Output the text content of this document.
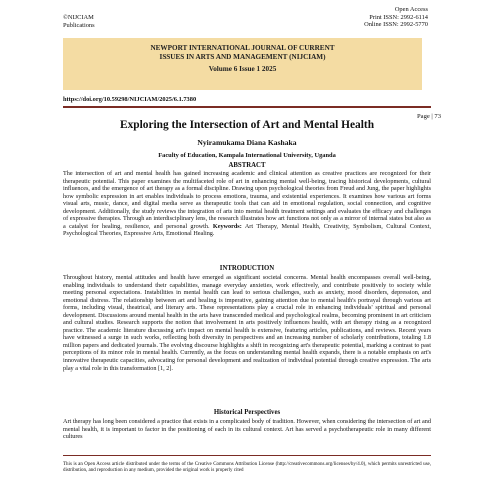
©NIJCIAM
Publications
Open Access
Print ISSN: 2992-6114
Online ISSN: 2992-5770
NEWPORT INTERNATIONAL JOURNAL OF CURRENT
ISSUES IN ARTS AND MANAGEMENT (NIJCIAM)
Volume 6 Issue 1 2025
https://doi.org/10.59298/NIJCIAM/2025/6.1.7380
Page | 73
Exploring the Intersection of Art and Mental Health
Nyiramukama Diana Kashaka
Faculty of Education, Kampala International University, Uganda
ABSTRACT

The intersection of art and mental health has gained increasing academic and clinical attention as creative practices are recognized for their therapeutic potential. This paper examines the multifaceted role of art in enhancing mental well-being, tracing historical developments, cultural influences, and the emergence of art therapy as a formal discipline. Drawing upon psychological theories from Freud and Jung, the paper highlights how symbolic expression in art enables individuals to process emotions, trauma, and existential experiences. It examines how various art forms visual arts, music, dance, and digital media serve as therapeutic tools that can aid in emotional regulation, social connection, and cognitive development. Additionally, the study reviews the integration of arts into mental health treatment settings and evaluates the efficacy and challenges of expressive therapies. Through an interdisciplinary lens, the research illustrates how art functions not only as a mirror of internal states but also as a catalyst for healing, resilience, and personal growth. Keywords: Art Therapy, Mental Health, Creativity, Symbolism, Cultural Context, Psychological Theories, Expressive Arts, Emotional Healing.

INTRODUCTION

Throughout history, mental attitudes and health have emerged as significant societal concerns. Mental health encompasses overall well-being, enabling individuals to understand their capabilities, manage everyday anxieties, work effectively, and contribute positively to society while meeting personal expectations. Instabilities in mental health can lead to serious challenges, such as anxiety, mood disorders, depression, and emotional distress. The relationship between art and healing is imperative, gaining attention due to mental health's portrayal through various art forms, including visual, theatrical, and literary arts. These representations play a crucial role in enhancing individuals' spiritual and personal development. Discussions around mental health in the arts have transcended medical and psychological realms, becoming prominent in art criticism and cultural studies. Research supports the notion that involvement in arts positively influences health, with art therapy rising as a recognized practice. The academic literature discussing art's impact on mental health is extensive, featuring articles, publications, and reviews. Recent years have witnessed a surge in such works, reflecting both diversity in perspectives and an increasing number of scholarly contributions, totaling 1.8 million papers and dedicated journals. The evolving discourse highlights a shift in recognizing art's therapeutic potential, marking a contrast to past perceptions of its minor role in mental health. Currently, as the focus on understanding mental health expands, there is a notable emphasis on art's innovative therapeutic capacities, advocating for personal development and realization of individual potential through creative expression. The arts play a vital role in this transformation [1, 2].

Historical Perspectives

Art therapy has long been considered a practice that exists in a complicated body of tradition. However, when considering the intersection of art and mental health, it is important to factor in the positioning of each in its cultural context. Art has served a psychotherapeutic role in many different cultures

This is an Open Access article distributed under the terms of the Creative Commons Attribution License (http://creativecommons.org/licenses/by/4.0), which permits unrestricted use, distribution, and reproduction in any medium, provided the original work is properly cited
